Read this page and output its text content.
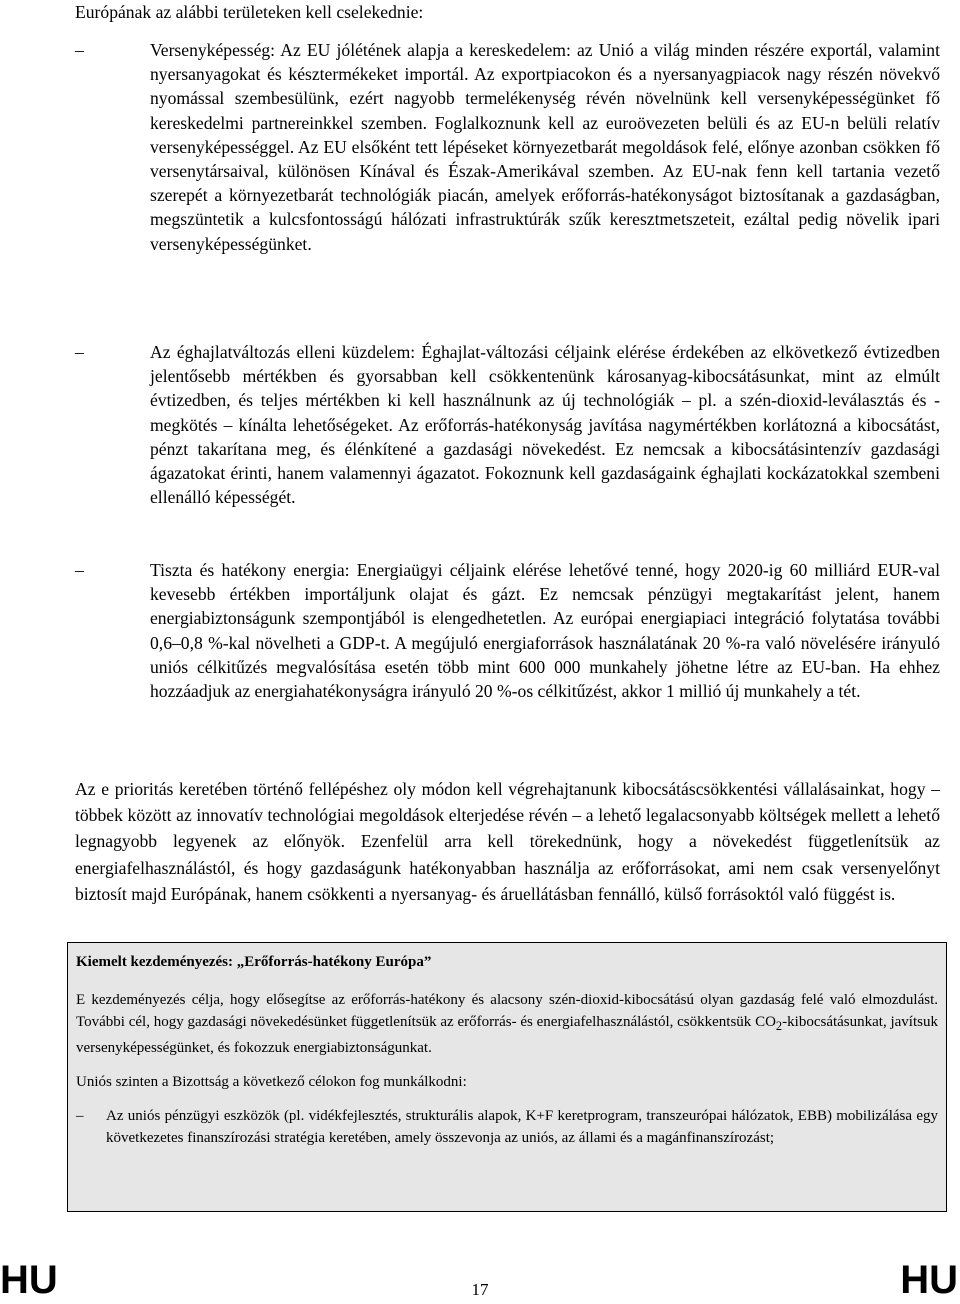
Európának az alábbi területeken kell cselekednie:

–	Versenyképesség: Az EU jólétének alapja a kereskedelem: az Unió a világ minden részére exportál, valamint nyersanyagokat és késztermékeket importál. Az exportpiacokon és a nyersanyagpiacok nagy részén növekvő nyomással szembesülünk, ezért nagyobb termelékenység révén növelnünk kell versenyképességünket fő kereskedelmi partnereinkkel szemben. Foglalkoznunk kell az euroövezeten belüli és az EU-n belüli relatív versenyképességgel. Az EU elsőként tett lépéseket környezetbarát megoldások felé, előnye azonban csökken fő versenytársaival, különösen Kínával és Észak-Amerikával szemben. Az EU-nak fenn kell tartania vezető szerepét a környezetbarát technológiák piacán, amelyek erőforrás-hatékonyságot biztosítanak a gazdaságban, megszüntetik a kulcsfontosságú hálózati infrastruktúrák szűk keresztmetszeteit, ezáltal pedig növelik ipari versenyképességünket.
–	Az éghajlatváltozás elleni küzdelem: Éghajlat-változási céljaink elérése érdekében az elkövetkező évtizedben jelentősebb mértékben és gyorsabban kell csökkentenünk károsanyag-kibocsátásunkat, mint az elmúlt évtizedben, és teljes mértékben ki kell használnunk az új technológiák – pl. a szén-dioxid-leválasztás és -megkötés – kínálta lehetőségeket. Az erőforrás-hatékonyság javítása nagymértékben korlátozná a kibocsátást, pénzt takarítana meg, és élénkítené a gazdasági növekedést. Ez nemcsak a kibocsátásintenzív gazdasági ágazatokat érinti, hanem valamennyi ágazatot. Fokoznunk kell gazdaságaink éghajlati kockázatokkal szembeni ellenálló képességét.
–	Tiszta és hatékony energia: Energiaügyi céljaink elérése lehetővé tenné, hogy 2020-ig 60 milliárd EUR-val kevesebb értékben importáljunk olajat és gázt. Ez nemcsak pénzügyi megtakarítást jelent, hanem energiabiztonságunk szempontjából is elengedhetetlen. Az európai energiapiaci integráció folytatása további 0,6–0,8 %-kal növelheti a GDP-t. A megújuló energiaforrások használatának 20 %-ra való növelésére irányuló uniós célkitűzés megvalósítása esetén több mint 600 000 munkahely jöhetne létre az EU-ban. Ha ehhez hozzáadjuk az energiahatékonyságra irányuló 20 %-os célkitűzést, akkor 1 millió új munkahely a tét.

Az e prioritás keretében történő fellépéshez oly módon kell végrehajtanunk kibocsátáscsökkentési vállalásainkat, hogy – többek között az innovatív technológiai megoldások elterjedése révén – a lehető legalacsonyabb költségek mellett a lehető legnagyobb legyenek az előnyök. Ezenfelül arra kell törekednünk, hogy a növekedést függetlenítsük az energiafelhasználástól, és hogy gazdaságunk hatékonyabban használja az erőforrásokat, ami nem csak versenyelőnyt biztosít majd Európának, hanem csökkenti a nyersanyag- és áruellátásban fennálló, külső forrásoktól való függést is.

Kiemelt kezdeményezés: „Erőforrás-hatékony Európa”

E kezdeményezés célja, hogy elősegítse az erőforrás-hatékony és alacsony szén-dioxid-kibocsátású olyan gazdaság felé való elmozdulást. További cél, hogy gazdasági növekedésünket függetlenítsük az erőforrás- és energiafelhasználástól, csökkentsük $CO_2$-kibocsátásunkat, javítsuk versenyképességünket, és fokozzuk energiabiztonságunkat.

Uniós szinten a Bizottság a következő célokon fog munkálkodni:

– Az uniós pénzügyi eszközök (pl. vidékfejlesztés, strukturális alapok, K+F keretprogram, transzeurópai hálózatok, EBB) mobilizálása egy következetes finanszírozási stratégia keretében, amely összevonja az uniós, az állami és a magánfinanszírozást;
HU	17	HU
